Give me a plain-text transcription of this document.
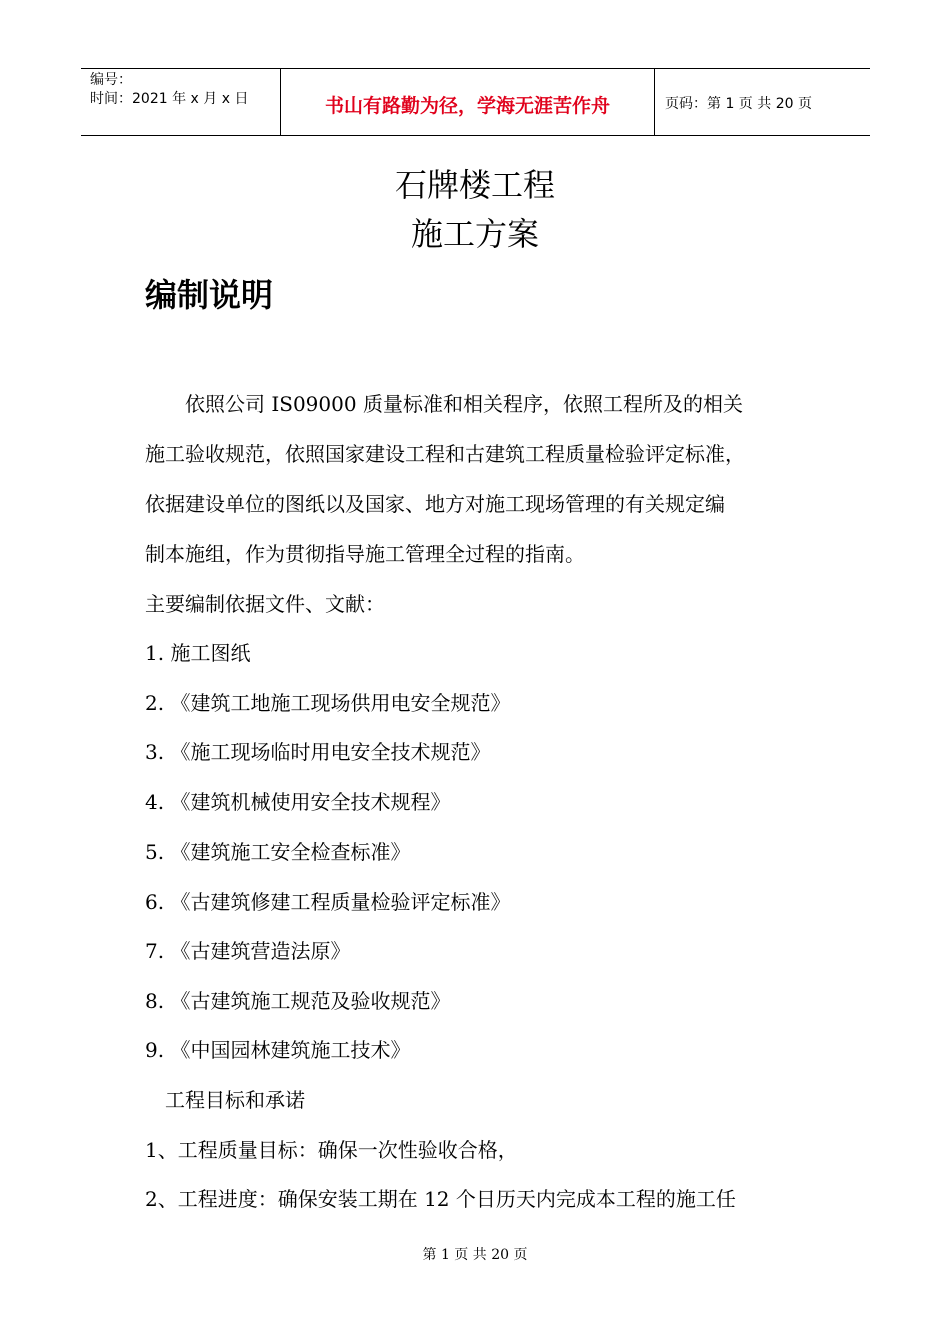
编号：
时间：2021 年 x 月 x 日	书山有路勤为径，学海无涯苦作舟	页码：第 1 页 共 20 页
石牌楼工程
施工方案
编制说明
　　依照公司 IS09000 质量标准和相关程序，依照工程所及的相关
施工验收规范，依照国家建设工程和古建筑工程质量检验评定标准，
依据建设单位的图纸以及国家、地方对施工现场管理的有关规定编
制本施组，作为贯彻指导施工管理全过程的指南。
主要编制依据文件、文献：
1. 施工图纸
2. 《建筑工地施工现场供用电安全规范》
3. 《施工现场临时用电安全技术规范》
4. 《建筑机械使用安全技术规程》
5. 《建筑施工安全检查标准》
6. 《古建筑修建工程质量检验评定标准》
7. 《古建筑营造法原》
8. 《古建筑施工规范及验收规范》
9. 《中国园林建筑施工技术》
工程目标和承诺
1、工程质量目标：确保一次性验收合格，
2、工程进度：确保安装工期在 12 个日历天内完成本工程的施工任
第 1 页 共 20 页
